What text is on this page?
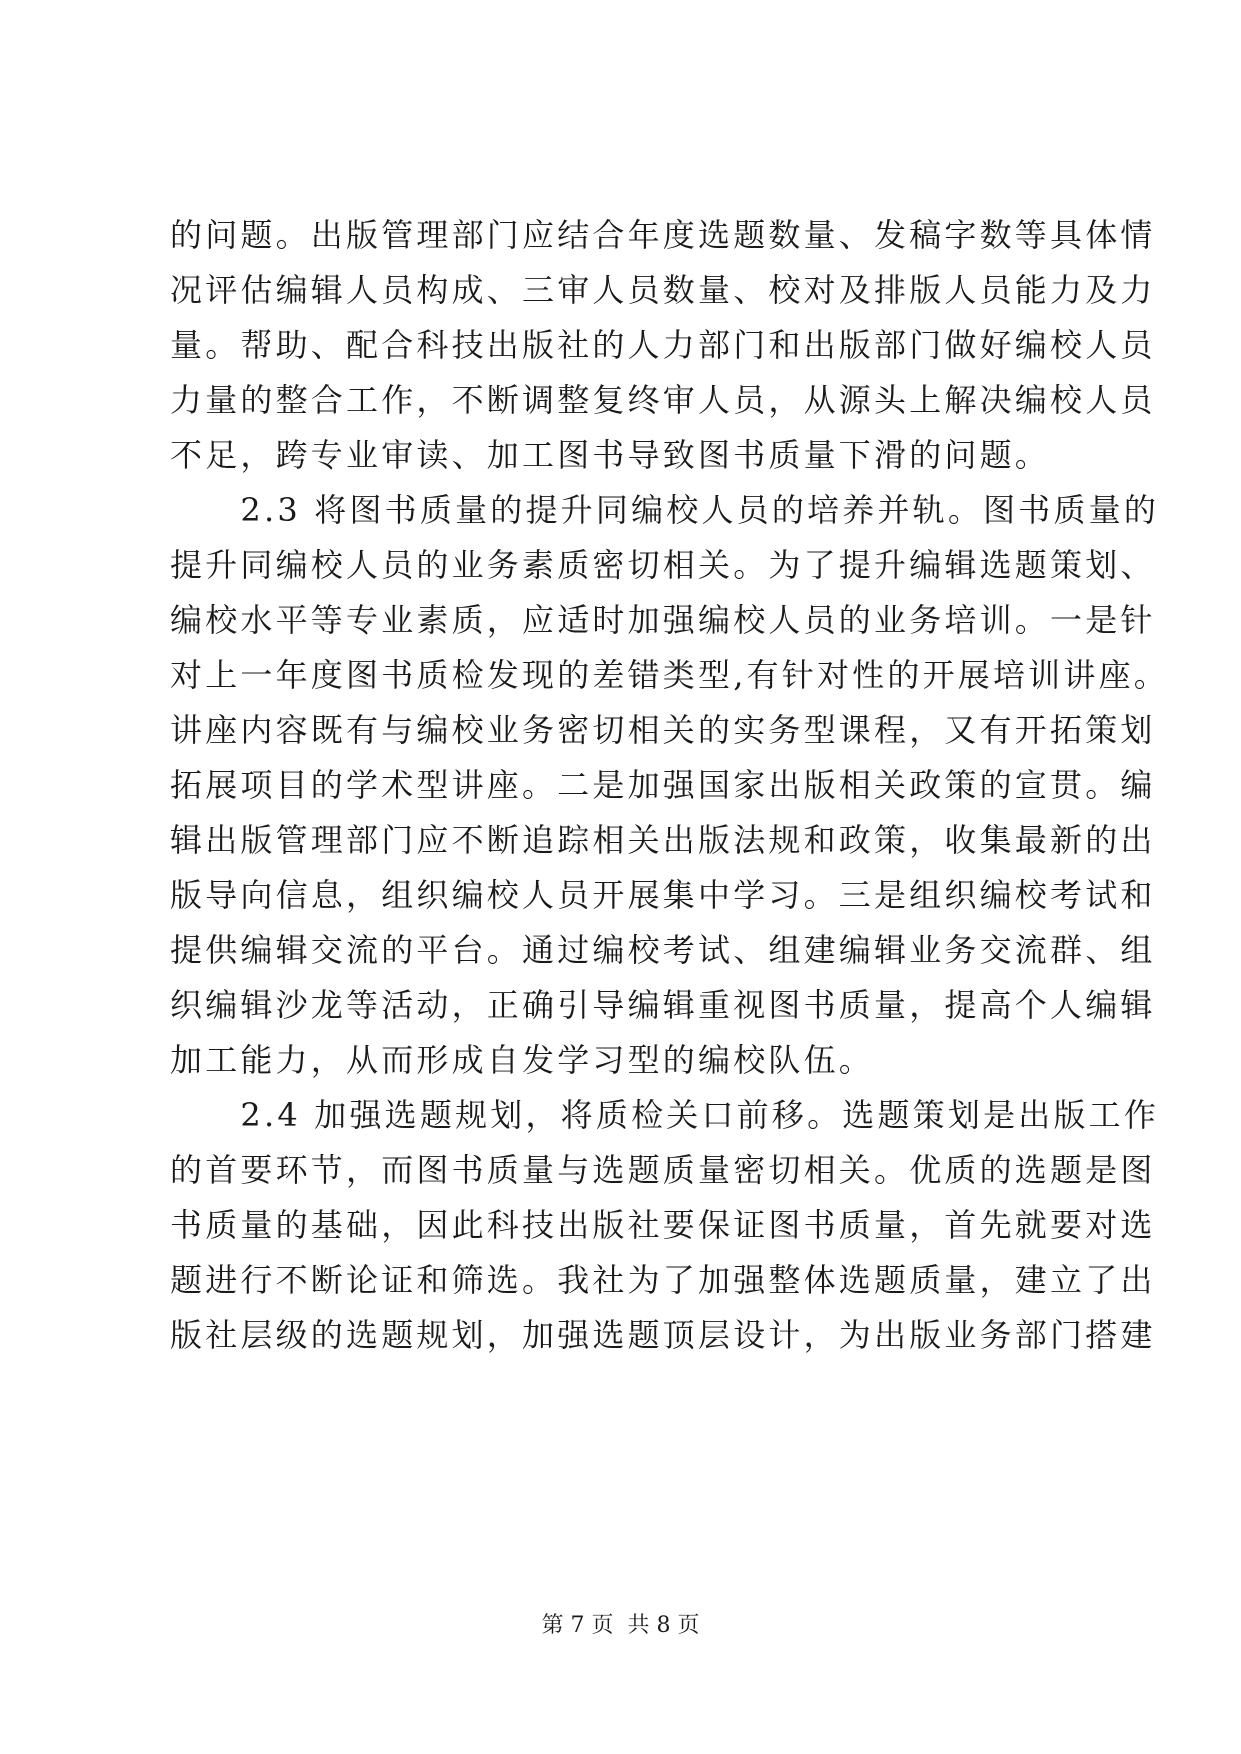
的问题。出版管理部门应结合年度选题数量、发稿字数等具体情
况评估编辑人员构成、三审人员数量、校对及排版人员能力及力
量。帮助、配合科技出版社的人力部门和出版部门做好编校人员
力量的整合工作，不断调整复终审人员，从源头上解决编校人员
不足，跨专业审读、加工图书导致图书质量下滑的问题。
　　2.3 将图书质量的提升同编校人员的培养并轨。图书质量的
提升同编校人员的业务素质密切相关。为了提升编辑选题策划、
编校水平等专业素质，应适时加强编校人员的业务培训。一是针
对上一年度图书质检发现的差错类型,有针对性的开展培训讲座。
讲座内容既有与编校业务密切相关的实务型课程，又有开拓策划
拓展项目的学术型讲座。二是加强国家出版相关政策的宣贯。编
辑出版管理部门应不断追踪相关出版法规和政策，收集最新的出
版导向信息，组织编校人员开展集中学习。三是组织编校考试和
提供编辑交流的平台。通过编校考试、组建编辑业务交流群、组
织编辑沙龙等活动，正确引导编辑重视图书质量，提高个人编辑
加工能力，从而形成自发学习型的编校队伍。
　　2.4 加强选题规划，将质检关口前移。选题策划是出版工作
的首要环节，而图书质量与选题质量密切相关。优质的选题是图
书质量的基础，因此科技出版社要保证图书质量，首先就要对选
题进行不断论证和筛选。我社为了加强整体选题质量，建立了出
版社层级的选题规划，加强选题顶层设计，为出版业务部门搭建
第 7 页  共 8 页
